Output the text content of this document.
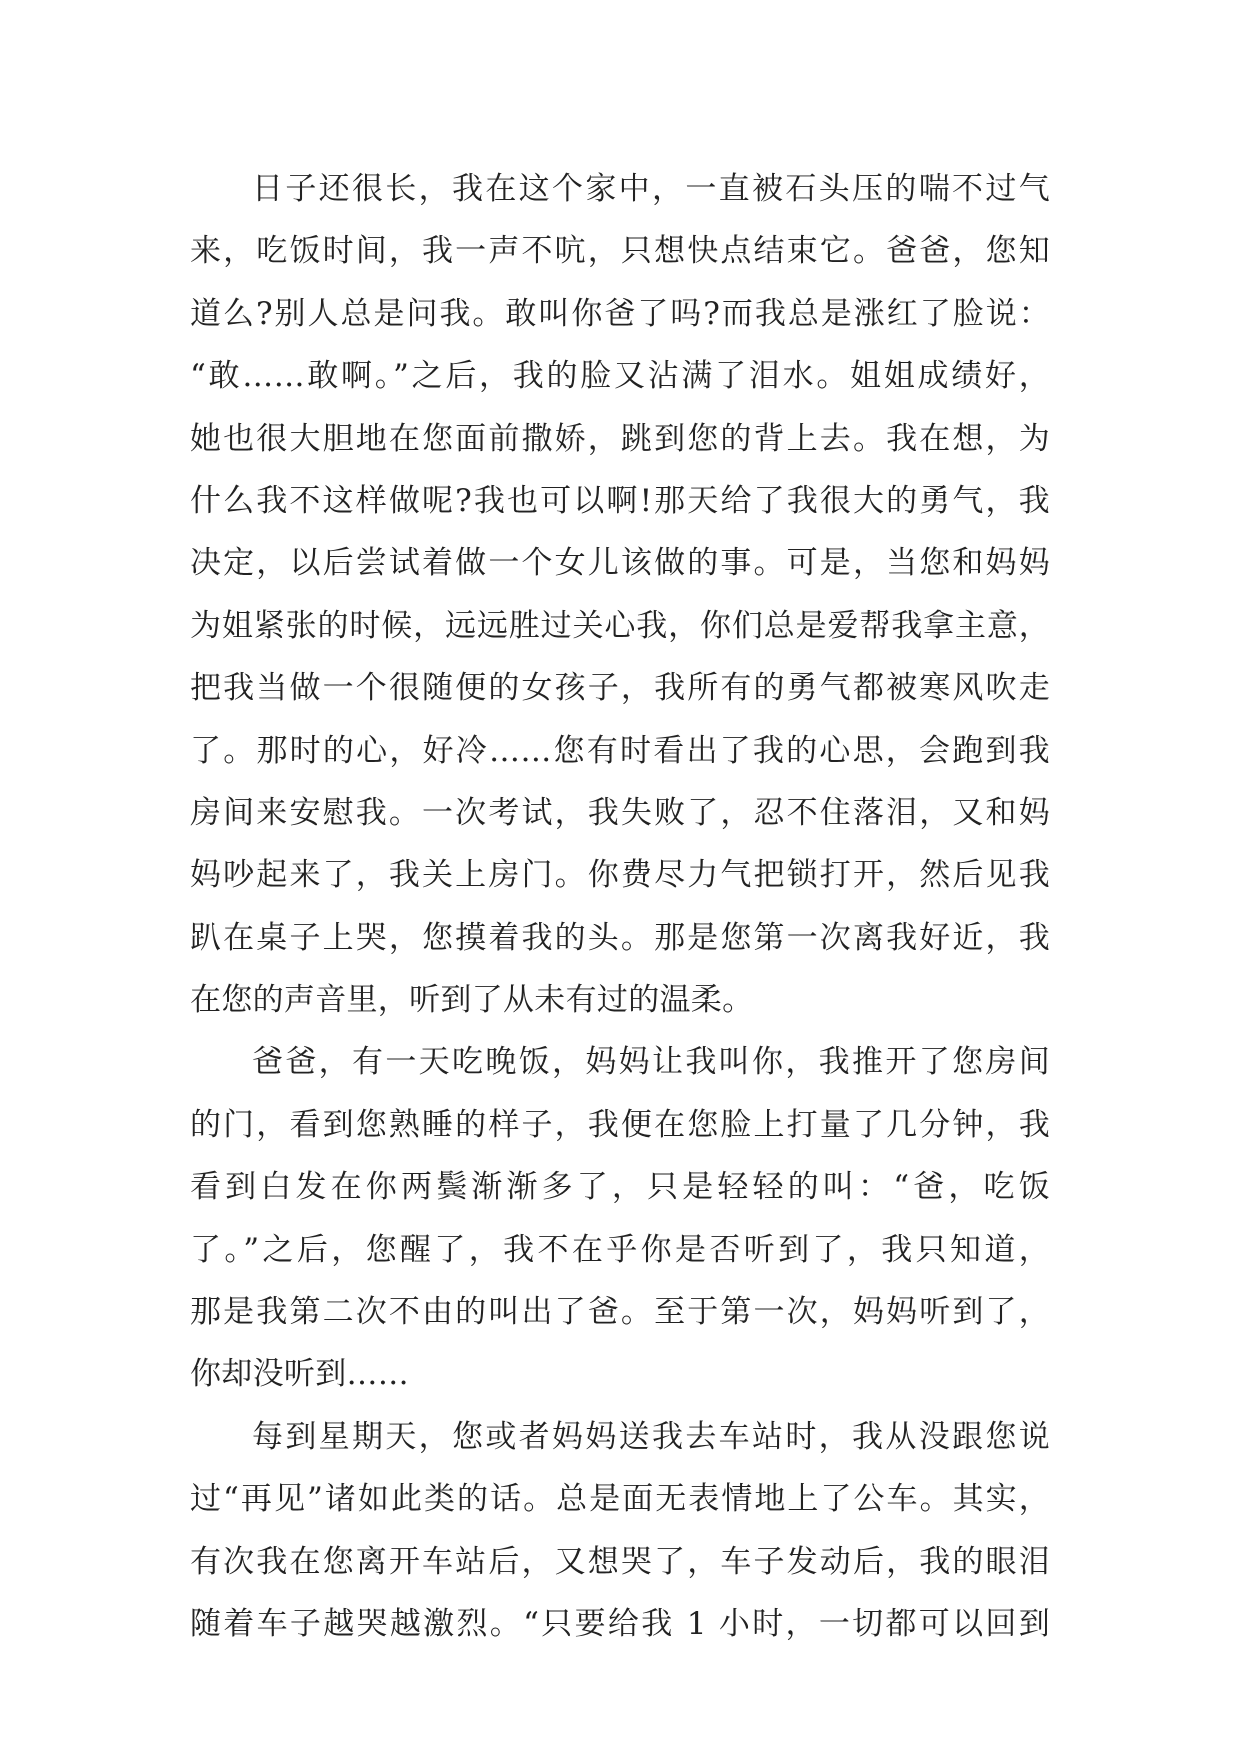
日子还很长，我在这个家中，一直被石头压的喘不过气
来，吃饭时间，我一声不吭，只想快点结束它。爸爸，您知
道么?别人总是问我。敢叫你爸了吗?而我总是涨红了脸说：
“敢……敢啊。”之后，我的脸又沾满了泪水。姐姐成绩好，
她也很大胆地在您面前撒娇，跳到您的背上去。我在想，为
什么我不这样做呢?我也可以啊!那天给了我很大的勇气，我
决定，以后尝试着做一个女儿该做的事。可是，当您和妈妈
为姐紧张的时候，远远胜过关心我，你们总是爱帮我拿主意，
把我当做一个很随便的女孩子，我所有的勇气都被寒风吹走
了。那时的心，好冷……您有时看出了我的心思，会跑到我
房间来安慰我。一次考试，我失败了，忍不住落泪，又和妈
妈吵起来了，我关上房门。你费尽力气把锁打开，然后见我
趴在桌子上哭，您摸着我的头。那是您第一次离我好近，我
在您的声音里，听到了从未有过的温柔。
爸爸，有一天吃晚饭，妈妈让我叫你，我推开了您房间
的门，看到您熟睡的样子，我便在您脸上打量了几分钟，我
看到白发在你两鬓渐渐多了，只是轻轻的叫：“爸，吃饭
了。”之后，您醒了，我不在乎你是否听到了，我只知道，
那是我第二次不由的叫出了爸。至于第一次，妈妈听到了，
你却没听到……
每到星期天，您或者妈妈送我去车站时，我从没跟您说
过“再见”诸如此类的话。总是面无表情地上了公车。其实，
有次我在您离开车站后，又想哭了，车子发动后，我的眼泪
随着车子越哭越激烈。“只要给我 1 小时，一切都可以回到
